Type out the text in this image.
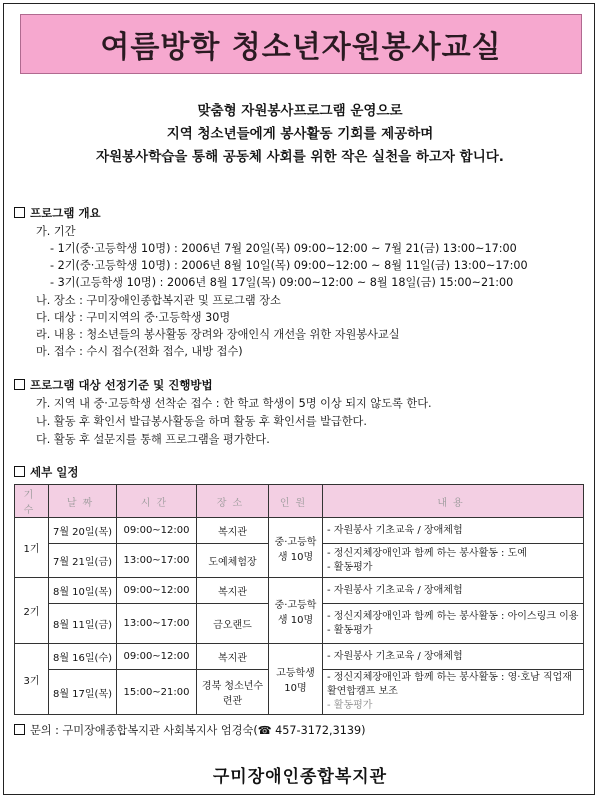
여름방학 청소년자원봉사교실
맞춤형 자원봉사프로그램 운영으로
지역 청소년들에게 봉사활동 기회를 제공하며
자원봉사학습을 통해 공동체 사회를 위한 작은 실천을 하고자 합니다.
프로그램 개요
가. 기간
- 1기(중·고등학생 10명) : 2006년 7월 20일(목) 09:00~12:00 ~ 7월 21(금) 13:00~17:00
- 2기(중·고등학생 10명) : 2006년 8월 10일(목) 09:00~12:00 ~ 8월 11일(금) 13:00~17:00
- 3기(고등학생 10명) : 2006년 8월 17일(목) 09:00~12:00 ~ 8월 18일(금) 15:00~21:00
나. 장소 : 구미장애인종합복지관 및 프로그램 장소
다. 대상 : 구미지역의 중·고등학생 30명
라. 내용 : 청소년들의 봉사활동 장려와 장애인식 개선을 위한 자원봉사교실
마. 접수 : 수시 접수(전화 접수, 내방 접수)
프로그램 대상 선정기준 및 진행방법
가. 지역 내 중·고등학생 선착순 접수 : 한 학교 학생이 5명 이상 되지 않도록 한다.
나. 활동 후 확인서 발급봉사활동을 하며 활동 후 확인서를 발급한다.
다. 활동 후 설문지를 통해 프로그램을 평가한다.
세부 일정
기수	날짜	시간	장소	인원	내용
1기	7월 20일(목)	09:00~12:00	복지관	중·고등학생 10명	- 자원봉사 기초교육 / 장애체험

	7월 21일(금)	13:00~17:00	도예체험장		- 정신지체장애인과 함께 하는 봉사활동 : 도예
- 활동평가

2기	8월 10일(목)	09:00~12:00	복지관	중·고등학생 10명	- 자원봉사 기초교육 / 장애체험

	8월 11일(금)	13:00~17:00	금오랜드		- 정신지체장애인과 함께 하는 봉사활동 : 아이스링크 이용
- 활동평가

3기	8월 16일(수)	09:00~12:00	복지관	고등학생 10명	- 자원봉사 기초교육 / 장애체험

	8월 17일(목)	15:00~21:00	경북 청소년수련관		- 정신지체장애인과 함께 하는 봉사활동 : 영·호남 직업재활연합캠프 보조
- 활동평가
문의 : 구미장애종합복지관 사회복지사 엄경숙(☎ 457-3172,3139)
구미장애인종합복지관
